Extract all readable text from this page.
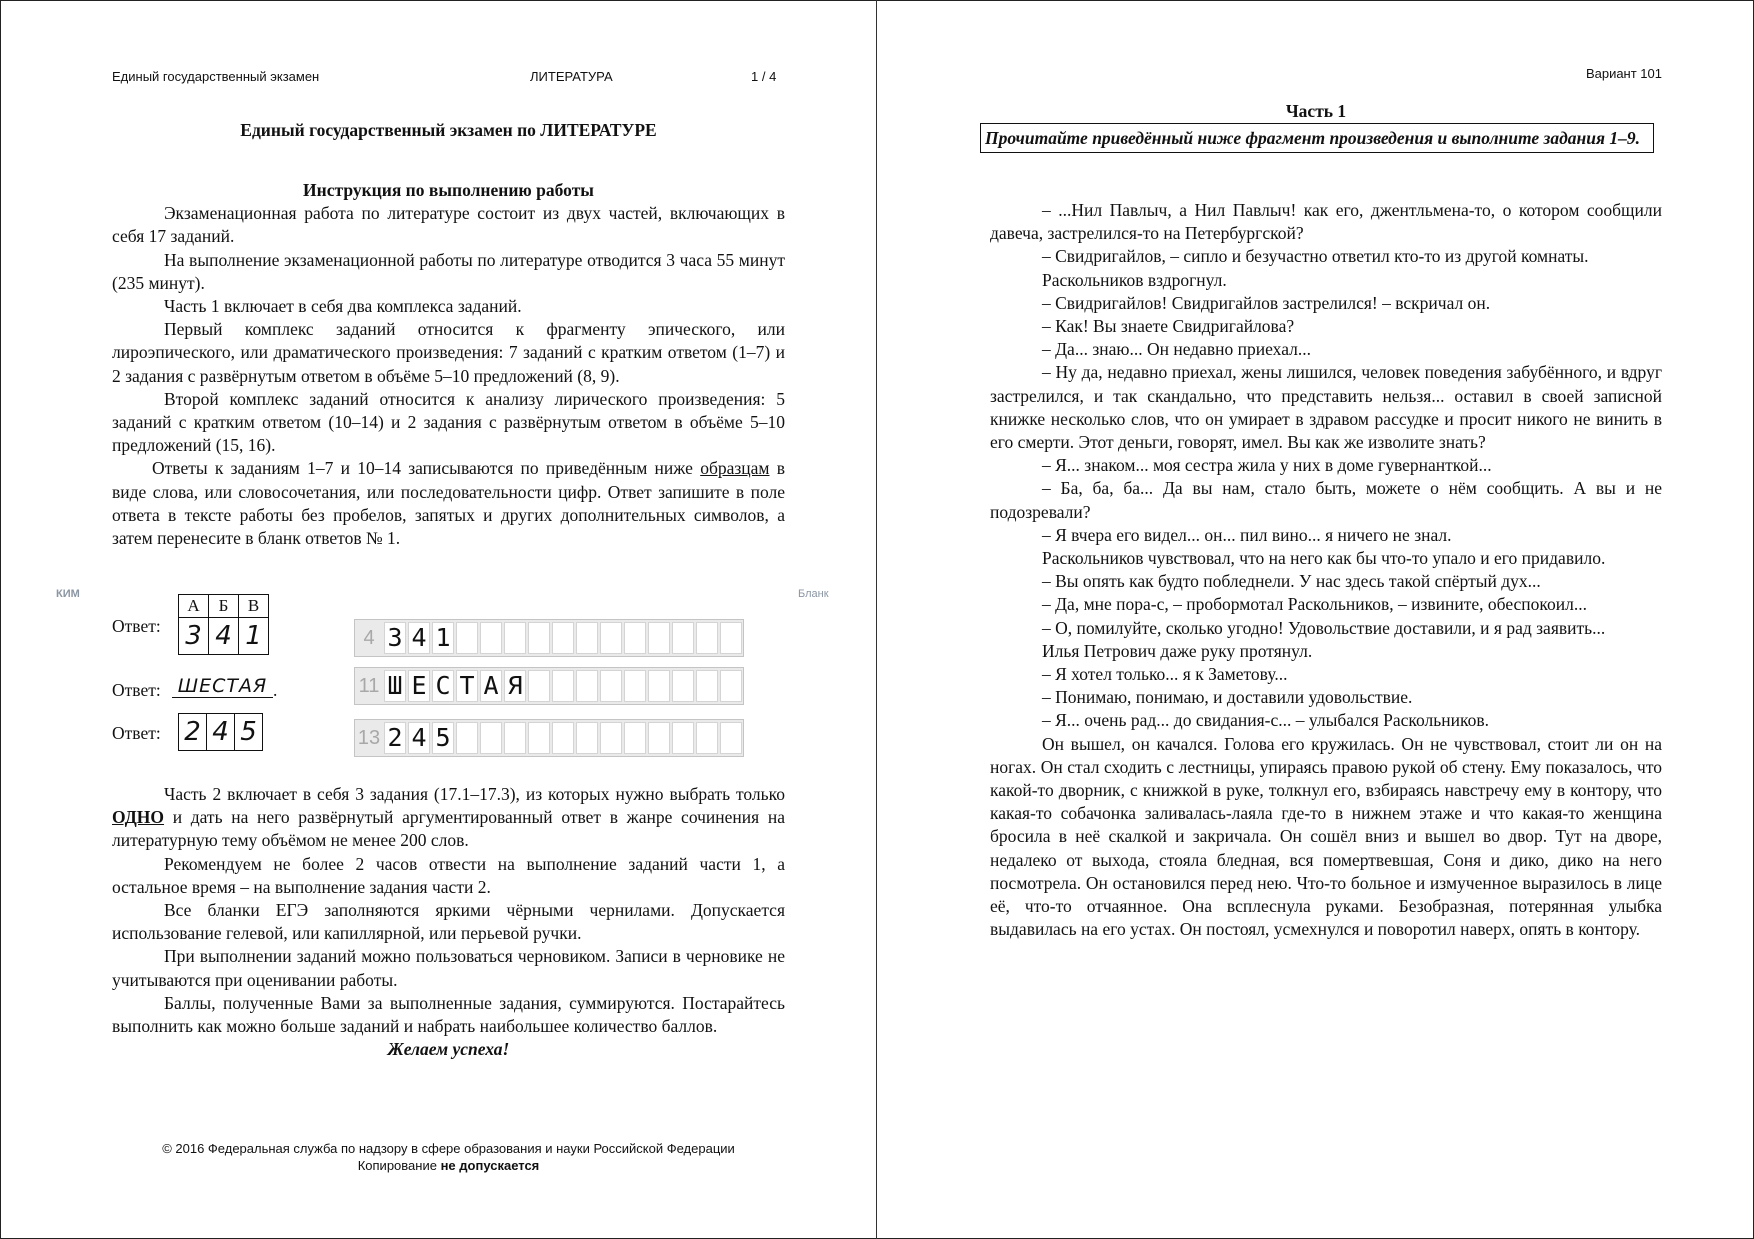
Единый государственный экзамен	ЛИТЕРАТУРА	1 / 4
Единый государственный экзамен по ЛИТЕРАТУРЕ

Инструкция по выполнению работы

Экзаменационная работа по литературе состоит из двух частей, включающих в себя 17 заданий.

На выполнение экзаменационной работы по литературе отводится 3 часа 55 минут (235 минут).

Часть 1 включает в себя два комплекса заданий.

Первый комплекс заданий относится к фрагменту эпического, или лироэпического, или драматического произведения: 7 заданий с кратким ответом (1–7) и 2 задания с развёрнутым ответом в объёме 5–10 предложений (8, 9).

Второй комплекс заданий относится к анализу лирического произведения: 5 заданий с кратким ответом (10–14) и 2 задания с развёрнутым ответом в объёме 5–10 предложений (15, 16).

Ответы к заданиям 1–7 и 10–14 записываются по приведённым ниже образцам в виде слова, или словосочетания, или последовательности цифр. Ответ запишите в поле ответа в тексте работы без пробелов, запятых и других дополнительных символов, а затем перенесите в бланк ответов № 1.

КИМ	Бланк
Ответ:
А	Б	В
3	4	1	4 3 4 1
Ответ: ШЕСТАЯ .	11 Ш Е С Т А Я
Ответ: 2 4 5	13 2 4 5

Часть 2 включает в себя 3 задания (17.1–17.3), из которых нужно выбрать только ОДНО и дать на него развёрнутый аргументированный ответ в жанре сочинения на литературную тему объёмом не менее 200 слов.

Рекомендуем не более 2 часов отвести на выполнение заданий части 1, а остальное время – на выполнение задания части 2.

Все бланки ЕГЭ заполняются яркими чёрными чернилами. Допускается использование гелевой, или капиллярной, или перьевой ручки.

При выполнении заданий можно пользоваться черновиком. Записи в черновике не учитываются при оценивании работы.

Баллы, полученные Вами за выполненные задания, суммируются. Постарайтесь выполнить как можно больше заданий и набрать наибольшее количество баллов.

Желаем успеха!

© 2016 Федеральная служба по надзору в сфере образования и науки Российской Федерации
Копирование не допускается
Вариант 101
Часть 1
Прочитайте приведённый ниже фрагмент произведения и выполните задания 1–9.

– ...Нил Павлыч, а Нил Павлыч! как его, джентльмена-то, о котором сообщили давеча, застрелился-то на Петербургской?

– Свидригайлов, – сипло и безучастно ответил кто-то из другой комнаты.

Раскольников вздрогнул.

– Свидригайлов! Свидригайлов застрелился! – вскричал он.

– Как! Вы знаете Свидригайлова?

– Да... знаю... Он недавно приехал...

– Ну да, недавно приехал, жены лишился, человек поведения забубённого, и вдруг застрелился, и так скандально, что представить нельзя... оставил в своей записной книжке несколько слов, что он умирает в здравом рассудке и просит никого не винить в его смерти. Этот деньги, говорят, имел. Вы как же изволите знать?

– Я... знаком... моя сестра жила у них в доме гувернанткой...

– Ба, ба, ба... Да вы нам, стало быть, можете о нём сообщить. А вы и не подозревали?

– Я вчера его видел... он... пил вино... я ничего не знал.

Раскольников чувствовал, что на него как бы что-то упало и его придавило.

– Вы опять как будто побледнели. У нас здесь такой спёртый дух...

– Да, мне пора-с, – пробормотал Раскольников, – извините, обеспокоил...

– О, помилуйте, сколько угодно! Удовольствие доставили, и я рад заявить...

Илья Петрович даже руку протянул.

– Я хотел только... я к Заметову...

– Понимаю, понимаю, и доставили удовольствие.

– Я... очень рад... до свидания-с... – улыбался Раскольников.

Он вышел, он качался. Голова его кружилась. Он не чувствовал, стоит ли он на ногах. Он стал сходить с лестницы, упираясь правою рукой об стену. Ему показалось, что какой-то дворник, с книжкой в руке, толкнул его, взбираясь навстречу ему в контору, что какая-то собачонка заливалась-лаяла где-то в нижнем этаже и что какая-то женщина бросила в неё скалкой и закричала. Он сошёл вниз и вышел во двор. Тут на дворе, недалеко от выхода, стояла бледная, вся помертвевшая, Соня и дико, дико на него посмотрела. Он остановился перед нею. Что-то больное и измученное выразилось в лице её, что-то отчаянное. Она всплеснула руками. Безобразная, потерянная улыбка выдавилась на его устах. Он постоял, усмехнулся и поворотил наверх, опять в контору.
